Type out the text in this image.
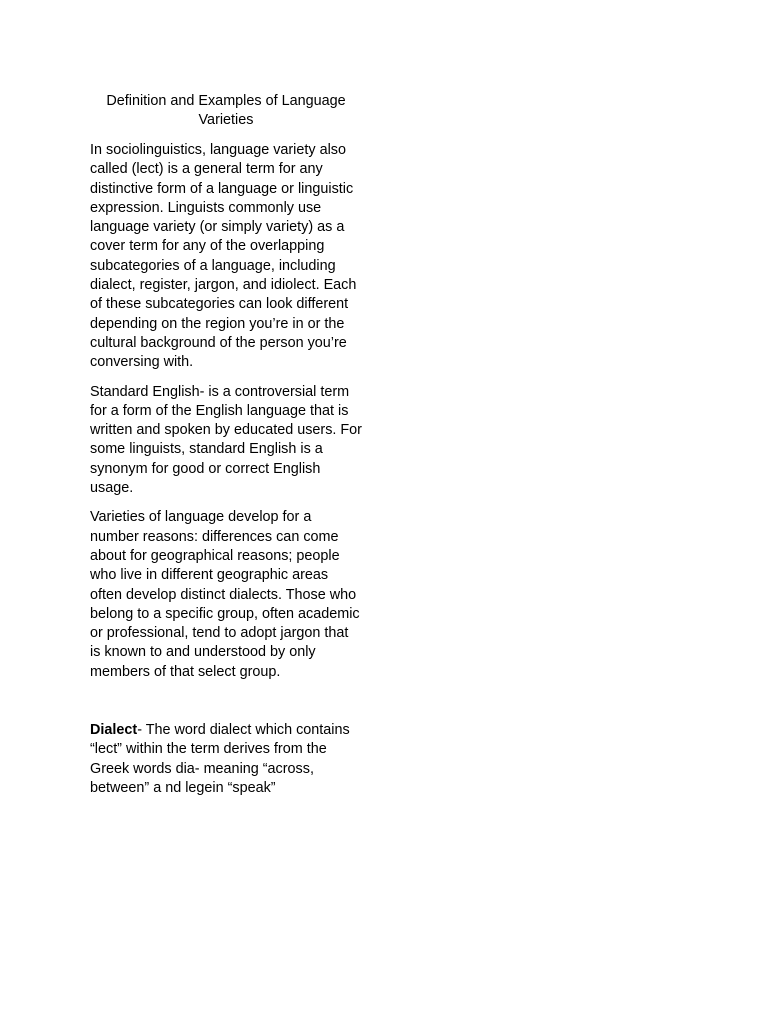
Definition and Examples of Language Varieties

In sociolinguistics, language variety also called (lect) is a general term for any distinctive form of a language or linguistic expression. Linguists commonly use language variety (or simply variety) as a cover term for any of the overlapping subcategories of a language, including dialect, register, jargon, and idiolect. Each of these subcategories can look different depending on the region you’re in or the cultural background of the person you’re conversing with.

Standard English- is a controversial term for a form of the English language that is written and spoken by educated users. For some linguists, standard English is a synonym for good or correct English usage.

Varieties of language develop for a number reasons: differences can come about for geographical reasons; people who live in different geographic areas often develop distinct dialects. Those who belong to a specific group, often academic or professional, tend to adopt jargon that is known to and understood by only members of that select group.

Dialect- The word dialect which contains “lect” within the term derives from the Greek words dia- meaning “across, between” a nd legein “speak”
